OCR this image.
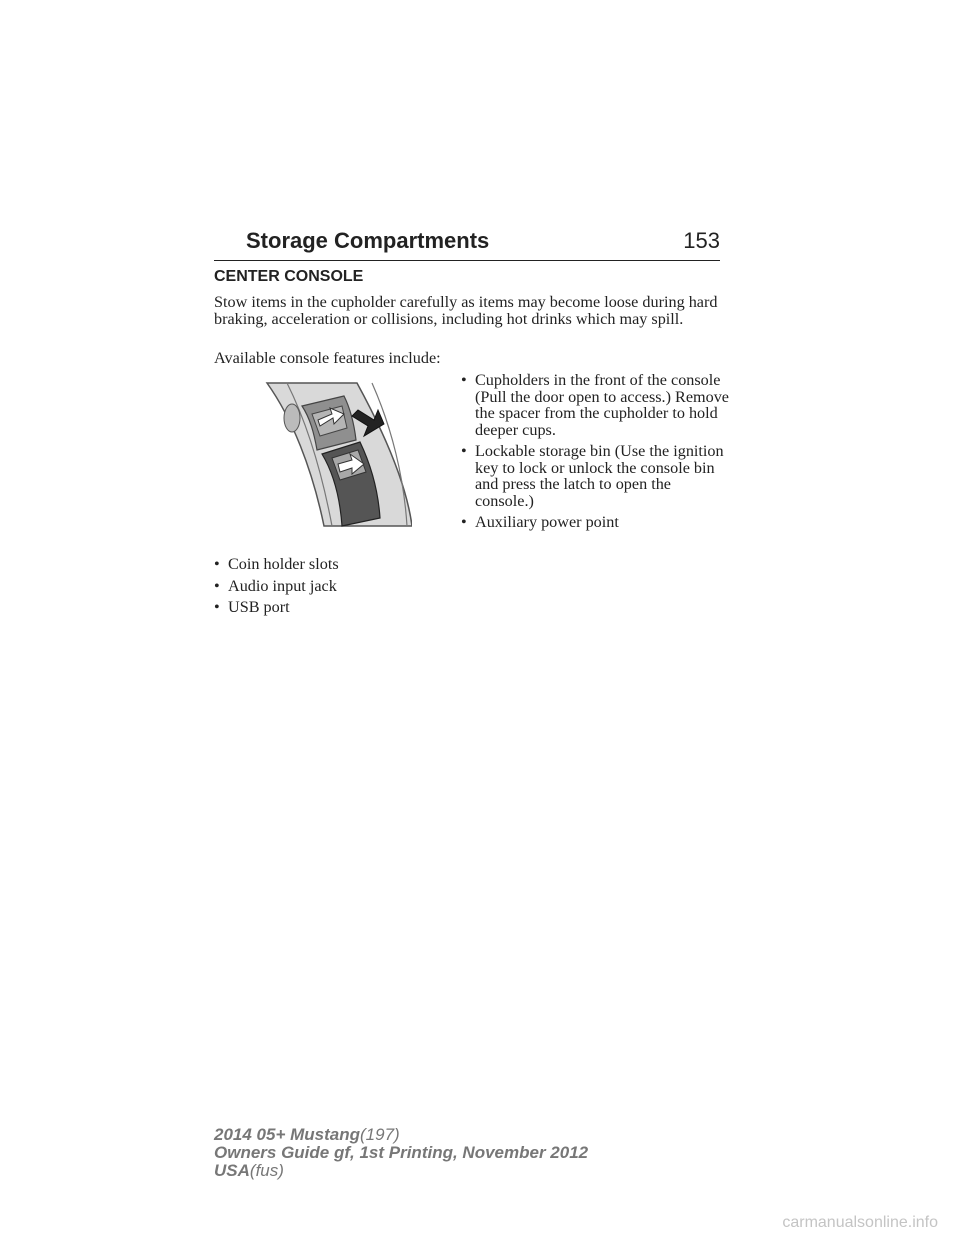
Storage Compartments	153
CENTER CONSOLE
Stow items in the cupholder carefully as items may become loose during hard braking, acceleration or collisions, including hot drinks which may spill.
Available console features include:
• Cupholders in the front of the console (Pull the door open to access.) Remove the spacer from the cupholder to hold deeper cups.
• Lockable storage bin (Use the ignition key to lock or unlock the console bin and press the latch to open the console.)
• Auxiliary power point
• Coin holder slots
• Audio input jack
• USB port
2014 05+ Mustang(197)
Owners Guide gf, 1st Printing, November 2012
USA(fus)
carmanualsonline.info
